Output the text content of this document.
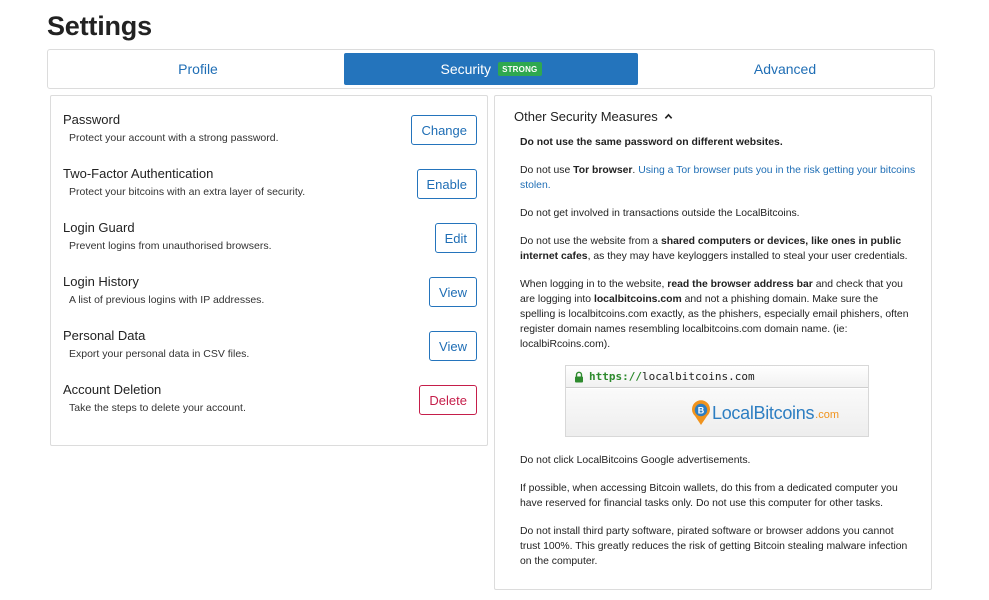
Settings
Profile	Security	STRONG	Advanced
Password
Protect your account with a strong password.
Change
Two-Factor Authentication
Protect your bitcoins with an extra layer of security.
Enable
Login Guard
Prevent logins from unauthorised browsers.
Edit
Login History
A list of previous logins with IP addresses.
View
Personal Data
Export your personal data in CSV files.
View
Account Deletion
Take the steps to delete your account.
Delete
Other Security Measures

Do not use the same password on different websites.

Do not use Tor browser. Using a Tor browser puts you in the risk getting your bitcoins stolen.

Do not get involved in transactions outside the LocalBitcoins.

Do not use the website from a shared computers or devices, like ones in public internet cafes, as they may have keyloggers installed to steal your user credentials.

When logging in to the website, read the browser address bar and check that you are logging into localbitcoins.com and not a phishing domain. Make sure the spelling is localbitcoins.com exactly, as the phishers, especially email phishers, often register domain names resembling localbitcoins.com domain name. (ie: localbiRcoins.com).

https:// localbitcoins.com
B LocalBitcoins .com

Do not click LocalBitcoins Google advertisements.

If possible, when accessing Bitcoin wallets, do this from a dedicated computer you have reserved for financial tasks only. Do not use this computer for other tasks.

Do not install third party software, pirated software or browser addons you cannot trust 100%. This greatly reduces the risk of getting Bitcoin stealing malware infection on the computer.
